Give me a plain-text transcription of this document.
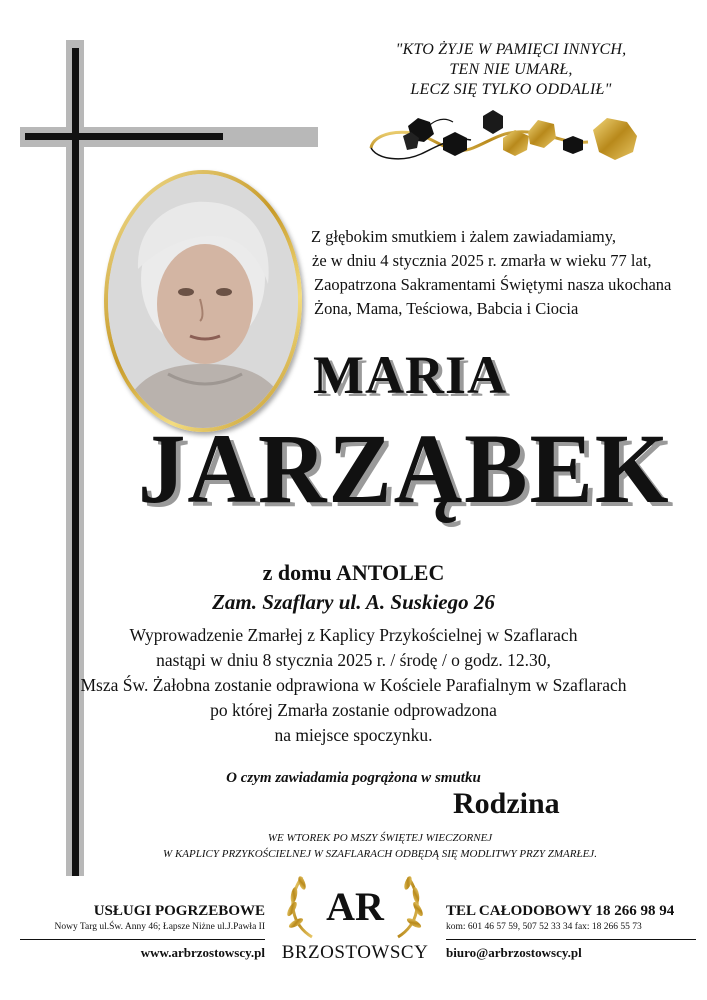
"KTO ŻYJE W PAMIĘCI INNYCH,
TEN NIE UMARŁ,
LECZ SIĘ TYLKO ODDALIŁ"
Z głębokim smutkiem i żalem zawiadamiamy,
że w dniu 4 stycznia 2025 r. zmarła w wieku 77 lat,
Zaopatrzona Sakramentami Świętymi nasza ukochana
Żona, Mama, Teściowa, Babcia i Ciocia
MARIA
JARZĄBEK
z domu ANTOLEC
Zam. Szaflary ul. A. Suskiego 26
Wyprowadzenie Zmarłej z Kaplicy Przykościelnej w Szaflarach
nastąpi w dniu 8 stycznia 2025 r. / środę / o godz. 12.30,
Msza Św. Żałobna zostanie odprawiona w Kościele Parafialnym w Szaflarach
po której Zmarła zostanie odprowadzona
na miejsce spoczynku.
O czym zawiadamia pogrążona w smutku
Rodzina
WE WTOREK PO MSZY ŚWIĘTEJ WIECZORNEJ
W KAPLICY PRZYKOŚCIELNEJ W SZAFLARACH ODBĘDĄ SIĘ MODLITWY PRZY ZMARŁEJ.
USŁUGI POGRZEBOWE
Nowy Targ ul.Św. Anny 46; Łapsze Niżne ul.J.Pawła II
www.arbrzostowscy.pl
AR
BRZOSTOWSCY
TEL CAŁODOBOWY 18 266 98 94
kom: 601 46 57 59, 507 52 33 34 fax: 18 266 55 73
biuro@arbrzostowscy.pl
